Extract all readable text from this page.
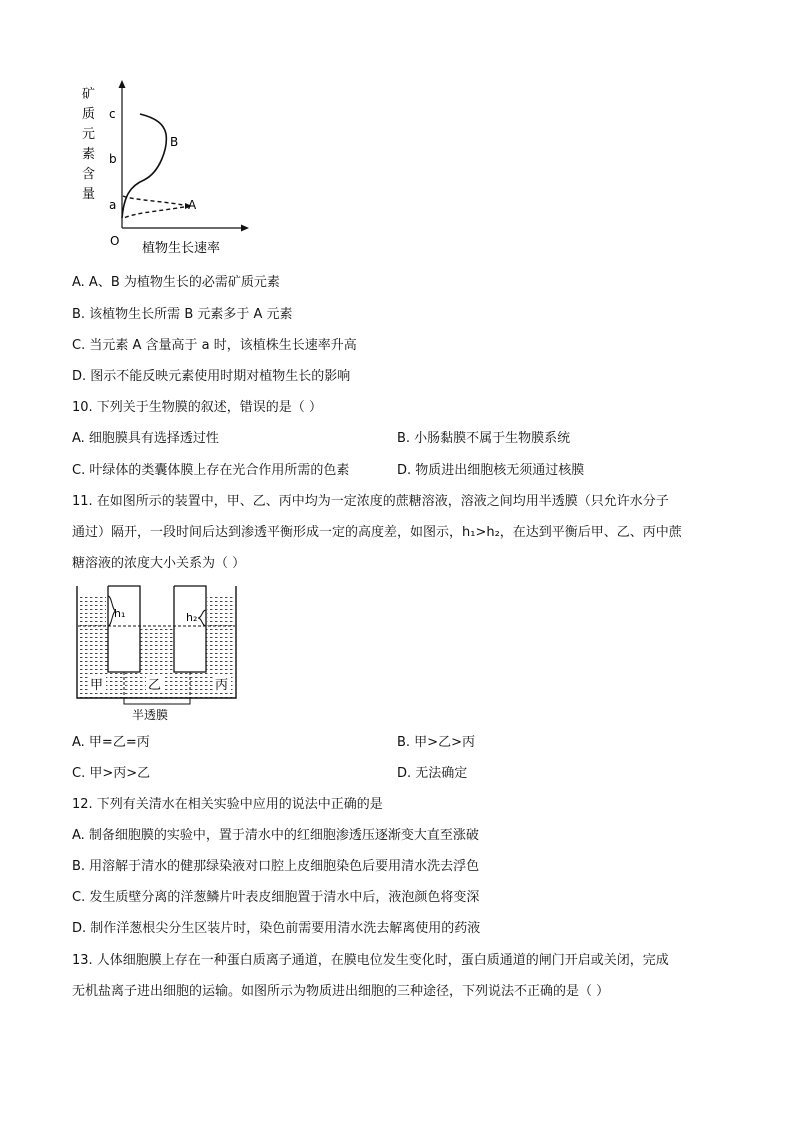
矿
质
元
素
含
量
c
b
a
O
B
A
植物生长速率
A. A、B 为植物生长的必需矿质元素
B. 该植物生长所需 B 元素多于 A 元素
C. 当元素 A 含量高于 a 时，该植株生长速率升高
D. 图示不能反映元素使用时期对植物生长的影响
10. 下列关于生物膜的叙述，错误的是（ ）
A. 细胞膜具有选择透过性	B. 小肠黏膜不属于生物膜系统
C. 叶绿体的类囊体膜上存在光合作用所需的色素	D. 物质进出细胞核无须通过核膜
11. 在如图所示的装置中，甲、乙、丙中均为一定浓度的蔗糖溶液，溶液之间均用半透膜（只允许水分子
通过）隔开，一段时间后达到渗透平衡形成一定的高度差，如图示，h₁>h₂，在达到平衡后甲、乙、丙中蔗
糖溶液的浓度大小关系为（ ）
h₁	h₂
甲	乙	丙
半透膜
A. 甲=乙=丙	B. 甲>乙>丙
C. 甲>丙>乙	D. 无法确定
12. 下列有关清水在相关实验中应用的说法中正确的是
A. 制备细胞膜的实验中，置于清水中的红细胞渗透压逐渐变大直至涨破
B. 用溶解于清水的健那绿染液对口腔上皮细胞染色后要用清水洗去浮色
C. 发生质壁分离的洋葱鳞片叶表皮细胞置于清水中后，液泡颜色将变深
D. 制作洋葱根尖分生区装片时，染色前需要用清水洗去解离使用的药液
13. 人体细胞膜上存在一种蛋白质离子通道，在膜电位发生变化时，蛋白质通道的闸门开启或关闭，完成
无机盐离子进出细胞的运输。如图所示为物质进出细胞的三种途径，下列说法不正确的是（ ）
